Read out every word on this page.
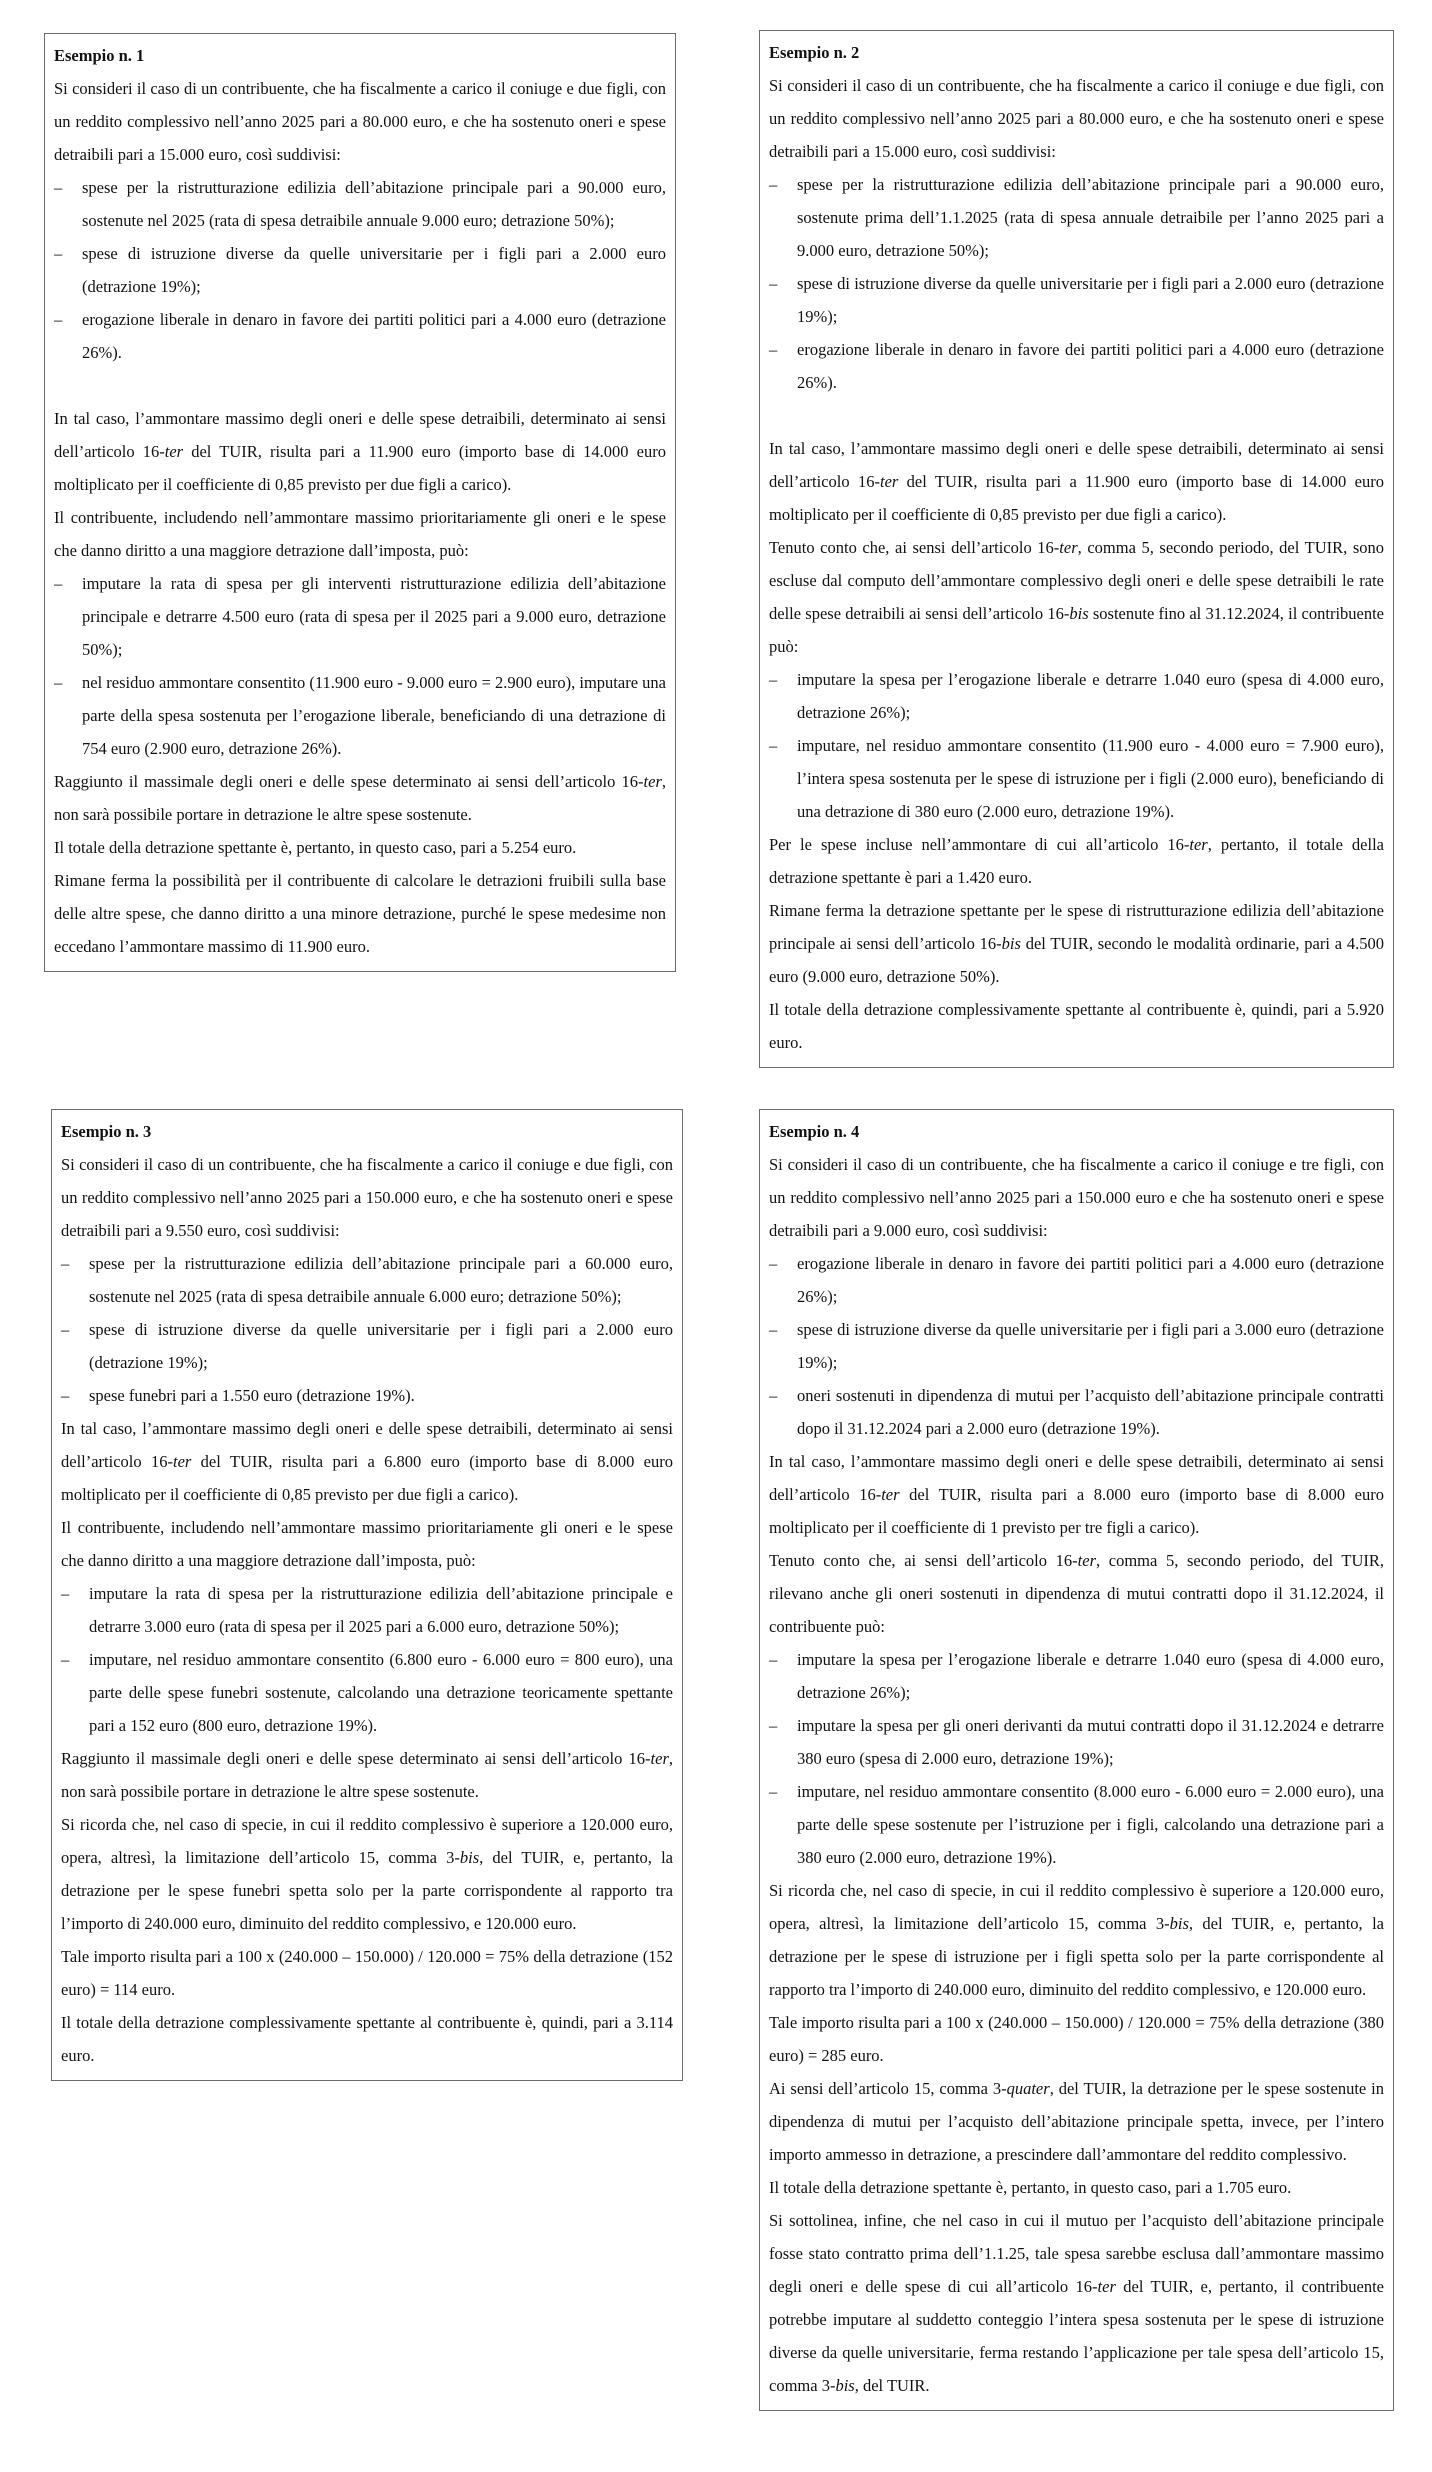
Esempio n. 1

Si consideri il caso di un contribuente, che ha fiscalmente a carico il coniuge e due figli, con un reddito complessivo nell’anno 2025 pari a 80.000 euro, e che ha sostenuto oneri e spese detraibili pari a 15.000 euro, così suddivisi:

– spese per la ristrutturazione edilizia dell’abitazione principale pari a 90.000 euro, sostenute nel 2025 (rata di spesa detraibile annuale 9.000 euro; detrazione 50%);
– spese di istruzione diverse da quelle universitarie per i figli pari a 2.000 euro (detrazione 19%);
– erogazione liberale in denaro in favore dei partiti politici pari a 4.000 euro (detrazione 26%).

In tal caso, l’ammontare massimo degli oneri e delle spese detraibili, determinato ai sensi dell’articolo 16-ter del TUIR, risulta pari a 11.900 euro (importo base di 14.000 euro moltiplicato per il coefficiente di 0,85 previsto per due figli a carico).

Il contribuente, includendo nell’ammontare massimo prioritariamente gli oneri e le spese che danno diritto a una maggiore detrazione dall’imposta, può:

– imputare la rata di spesa per gli interventi ristrutturazione edilizia dell’abitazione principale e detrarre 4.500 euro (rata di spesa per il 2025 pari a 9.000 euro, detrazione 50%);
– nel residuo ammontare consentito (11.900 euro - 9.000 euro = 2.900 euro), imputare una parte della spesa sostenuta per l’erogazione liberale, beneficiando di una detrazione di 754 euro (2.900 euro, detrazione 26%).

Raggiunto il massimale degli oneri e delle spese determinato ai sensi dell’articolo 16-ter, non sarà possibile portare in detrazione le altre spese sostenute.

Il totale della detrazione spettante è, pertanto, in questo caso, pari a 5.254 euro.

Rimane ferma la possibilità per il contribuente di calcolare le detrazioni fruibili sulla base delle altre spese, che danno diritto a una minore detrazione, purché le spese medesime non eccedano l’ammontare massimo di 11.900 euro.

Esempio n. 2

Si consideri il caso di un contribuente, che ha fiscalmente a carico il coniuge e due figli, con un reddito complessivo nell’anno 2025 pari a 80.000 euro, e che ha sostenuto oneri e spese detraibili pari a 15.000 euro, così suddivisi:

– spese per la ristrutturazione edilizia dell’abitazione principale pari a 90.000 euro, sostenute prima dell’1.1.2025 (rata di spesa annuale detraibile per l’anno 2025 pari a 9.000 euro, detrazione 50%);
– spese di istruzione diverse da quelle universitarie per i figli pari a 2.000 euro (detrazione 19%);
– erogazione liberale in denaro in favore dei partiti politici pari a 4.000 euro (detrazione 26%).

In tal caso, l’ammontare massimo degli oneri e delle spese detraibili, determinato ai sensi dell’articolo 16-ter del TUIR, risulta pari a 11.900 euro (importo base di 14.000 euro moltiplicato per il coefficiente di 0,85 previsto per due figli a carico).

Tenuto conto che, ai sensi dell’articolo 16-ter, comma 5, secondo periodo, del TUIR, sono escluse dal computo dell’ammontare complessivo degli oneri e delle spese detraibili le rate delle spese detraibili ai sensi dell’articolo 16-bis sostenute fino al 31.12.2024, il contribuente può:

– imputare la spesa per l’erogazione liberale e detrarre 1.040 euro (spesa di 4.000 euro, detrazione 26%);
– imputare, nel residuo ammontare consentito (11.900 euro - 4.000 euro = 7.900 euro), l’intera spesa sostenuta per le spese di istruzione per i figli (2.000 euro), beneficiando di una detrazione di 380 euro (2.000 euro, detrazione 19%).

Per le spese incluse nell’ammontare di cui all’articolo 16-ter, pertanto, il totale della detrazione spettante è pari a 1.420 euro.

Rimane ferma la detrazione spettante per le spese di ristrutturazione edilizia dell’abitazione principale ai sensi dell’articolo 16-bis del TUIR, secondo le modalità ordinarie, pari a 4.500 euro (9.000 euro, detrazione 50%).

Il totale della detrazione complessivamente spettante al contribuente è, quindi, pari a 5.920 euro.

Esempio n. 3

Si consideri il caso di un contribuente, che ha fiscalmente a carico il coniuge e due figli, con un reddito complessivo nell’anno 2025 pari a 150.000 euro, e che ha sostenuto oneri e spese detraibili pari a 9.550 euro, così suddivisi:

– spese per la ristrutturazione edilizia dell’abitazione principale pari a 60.000 euro, sostenute nel 2025 (rata di spesa detraibile annuale 6.000 euro; detrazione 50%);
– spese di istruzione diverse da quelle universitarie per i figli pari a 2.000 euro (detrazione 19%);
– spese funebri pari a 1.550 euro (detrazione 19%).

In tal caso, l’ammontare massimo degli oneri e delle spese detraibili, determinato ai sensi dell’articolo 16-ter del TUIR, risulta pari a 6.800 euro (importo base di 8.000 euro moltiplicato per il coefficiente di 0,85 previsto per due figli a carico).

Il contribuente, includendo nell’ammontare massimo prioritariamente gli oneri e le spese che danno diritto a una maggiore detrazione dall’imposta, può:

– imputare la rata di spesa per la ristrutturazione edilizia dell’abitazione principale e detrarre 3.000 euro (rata di spesa per il 2025 pari a 6.000 euro, detrazione 50%);
– imputare, nel residuo ammontare consentito (6.800 euro - 6.000 euro = 800 euro), una parte delle spese funebri sostenute, calcolando una detrazione teoricamente spettante pari a 152 euro (800 euro, detrazione 19%).

Raggiunto il massimale degli oneri e delle spese determinato ai sensi dell’articolo 16-ter, non sarà possibile portare in detrazione le altre spese sostenute.

Si ricorda che, nel caso di specie, in cui il reddito complessivo è superiore a 120.000 euro, opera, altresì, la limitazione dell’articolo 15, comma 3-bis, del TUIR, e, pertanto, la detrazione per le spese funebri spetta solo per la parte corrispondente al rapporto tra l’importo di 240.000 euro, diminuito del reddito complessivo, e 120.000 euro.

Tale importo risulta pari a 100 x (240.000 – 150.000) / 120.000 = 75% della detrazione (152 euro) = 114 euro.

Il totale della detrazione complessivamente spettante al contribuente è, quindi, pari a 3.114 euro.

Esempio n. 4

Si consideri il caso di un contribuente, che ha fiscalmente a carico il coniuge e tre figli, con un reddito complessivo nell’anno 2025 pari a 150.000 euro e che ha sostenuto oneri e spese detraibili pari a 9.000 euro, così suddivisi:

– erogazione liberale in denaro in favore dei partiti politici pari a 4.000 euro (detrazione 26%);
– spese di istruzione diverse da quelle universitarie per i figli pari a 3.000 euro (detrazione 19%);
– oneri sostenuti in dipendenza di mutui per l’acquisto dell’abitazione principale contratti dopo il 31.12.2024 pari a 2.000 euro (detrazione 19%).

In tal caso, l’ammontare massimo degli oneri e delle spese detraibili, determinato ai sensi dell’articolo 16-ter del TUIR, risulta pari a 8.000 euro (importo base di 8.000 euro moltiplicato per il coefficiente di 1 previsto per tre figli a carico).

Tenuto conto che, ai sensi dell’articolo 16-ter, comma 5, secondo periodo, del TUIR, rilevano anche gli oneri sostenuti in dipendenza di mutui contratti dopo il 31.12.2024, il contribuente può:

– imputare la spesa per l’erogazione liberale e detrarre 1.040 euro (spesa di 4.000 euro, detrazione 26%);
– imputare la spesa per gli oneri derivanti da mutui contratti dopo il 31.12.2024 e detrarre 380 euro (spesa di 2.000 euro, detrazione 19%);
– imputare, nel residuo ammontare consentito (8.000 euro - 6.000 euro = 2.000 euro), una parte delle spese sostenute per l’istruzione per i figli, calcolando una detrazione pari a 380 euro (2.000 euro, detrazione 19%).

Si ricorda che, nel caso di specie, in cui il reddito complessivo è superiore a 120.000 euro, opera, altresì, la limitazione dell’articolo 15, comma 3-bis, del TUIR, e, pertanto, la detrazione per le spese di istruzione per i figli spetta solo per la parte corrispondente al rapporto tra l’importo di 240.000 euro, diminuito del reddito complessivo, e 120.000 euro.

Tale importo risulta pari a 100 x (240.000 – 150.000) / 120.000 = 75% della detrazione (380 euro) = 285 euro.

Ai sensi dell’articolo 15, comma 3-quater, del TUIR, la detrazione per le spese sostenute in dipendenza di mutui per l’acquisto dell’abitazione principale spetta, invece, per l’intero importo ammesso in detrazione, a prescindere dall’ammontare del reddito complessivo.

Il totale della detrazione spettante è, pertanto, in questo caso, pari a 1.705 euro.

Si sottolinea, infine, che nel caso in cui il mutuo per l’acquisto dell’abitazione principale fosse stato contratto prima dell’1.1.25, tale spesa sarebbe esclusa dall’ammontare massimo degli oneri e delle spese di cui all’articolo 16-ter del TUIR, e, pertanto, il contribuente potrebbe imputare al suddetto conteggio l’intera spesa sostenuta per le spese di istruzione diverse da quelle universitarie, ferma restando l’applicazione per tale spesa dell’articolo 15, comma 3-bis, del TUIR.
